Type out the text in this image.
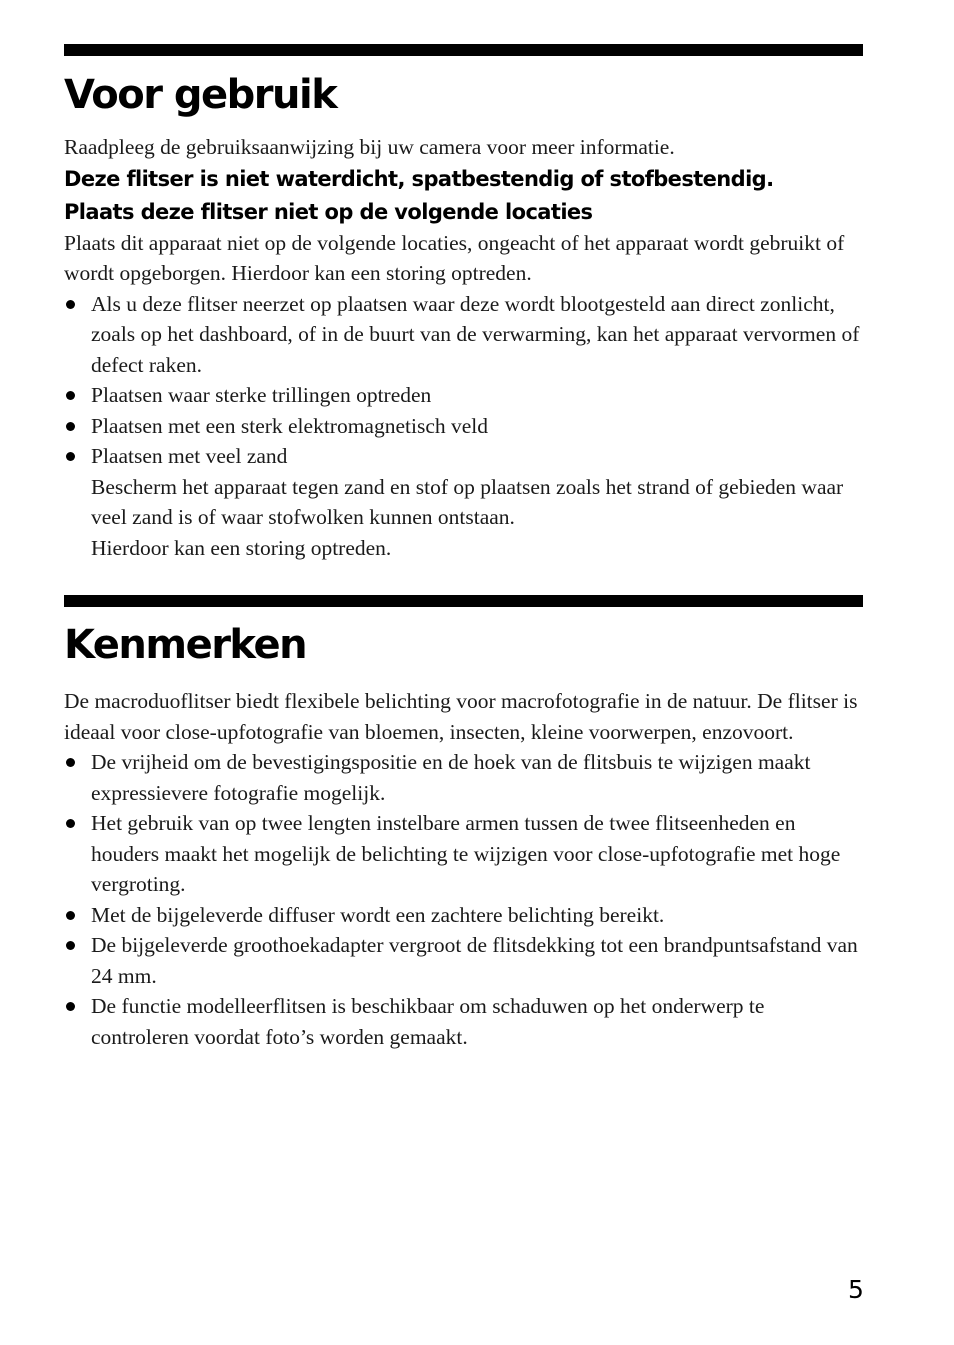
Voor gebruik

Raadpleeg de gebruiksaanwijzing bij uw camera voor meer informatie.

Deze flitser is niet waterdicht, spatbestendig of stofbestendig.

Plaats deze flitser niet op de volgende locaties

Plaats dit apparaat niet op de volgende locaties, ongeacht of het apparaat wordt gebruikt of wordt opgeborgen. Hierdoor kan een storing optreden.

Als u deze flitser neerzet op plaatsen waar deze wordt blootgesteld aan direct zonlicht, zoals op het dashboard, of in de buurt van de verwarming, kan het apparaat vervormen of defect raken.
Plaatsen waar sterke trillingen optreden
Plaatsen met een sterk elektromagnetisch veld
Plaatsen met veel zand
Bescherm het apparaat tegen zand en stof op plaatsen zoals het strand of gebieden waar veel zand is of waar stofwolken kunnen ontstaan.
Hierdoor kan een storing optreden.
Kenmerken

De macroduoflitser biedt flexibele belichting voor macrofotografie in de natuur. De flitser is ideaal voor close-upfotografie van bloemen, insecten, kleine voorwerpen, enzovoort.

De vrijheid om de bevestigingspositie en de hoek van de flitsbuis te wijzigen maakt expressievere fotografie mogelijk.
Het gebruik van op twee lengten instelbare armen tussen de twee flitseenheden en houders maakt het mogelijk de belichting te wijzigen voor close-upfotografie met hoge vergroting.
Met de bijgeleverde diffuser wordt een zachtere belichting bereikt.
De bijgeleverde groothoekadapter vergroot de flitsdekking tot een brandpuntsafstand van 24 mm.
De functie modelleerflitsen is beschikbaar om schaduwen op het onderwerp te controleren voordat foto’s worden gemaakt.
5
